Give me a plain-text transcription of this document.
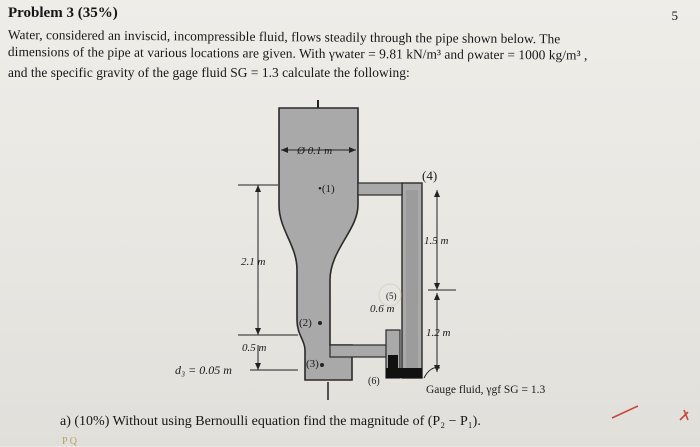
Problem 3 (35%)	5
Water, considered an inviscid, incompressible fluid, flows steadily through the pipe shown below. The
dimensions of the pipe at various locations are given. With γwater = 9.81 kN/m³ and ρwater = 1000 kg/m³ ,
and the specific gravity of the gage fluid SG = 1.3 calculate the following:
Ø 0.1 m
•(1)
2.1 m
0.5 m
d₃ = 0.05 m
(2)
(3)
0.6 m
(5)
(4)
(6)
1.5 m
1.2 m
Gauge fluid, γgf SG = 1.3
a) (10%) Without using Bernoulli equation find the magnitude of (P₂ − P₁).
P Q
